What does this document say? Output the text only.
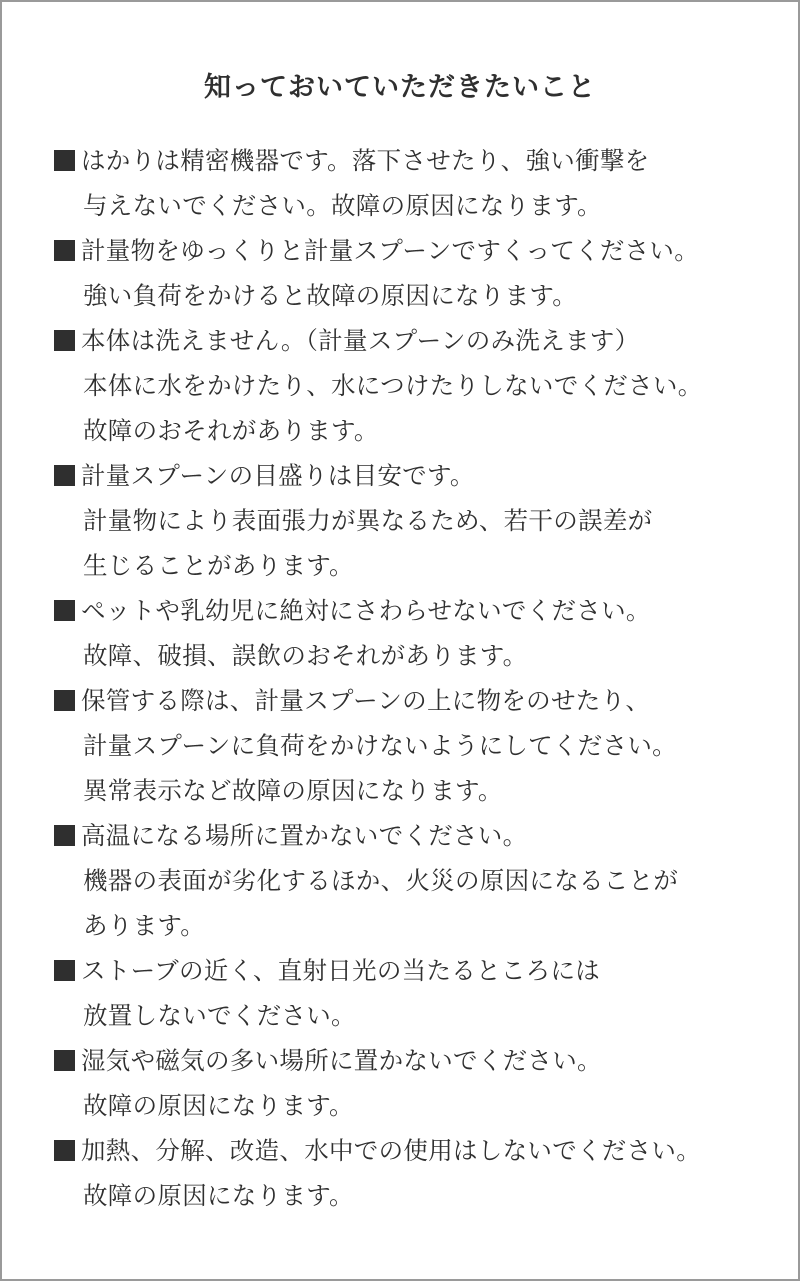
知っておいていただきたいこと
はかりは精密機器です。落下させたり、強い衝撃を
与えないでください。故障の原因になります。
計量物をゆっくりと計量スプーンですくってください。
強い負荷をかけると故障の原因になります。
本体は洗えません。（計量スプーンのみ洗えます）
本体に水をかけたり、水につけたりしないでください。
故障のおそれがあります。
計量スプーンの目盛りは目安です。
計量物により表面張力が異なるため、若干の誤差が
生じることがあります。
ペットや乳幼児に絶対にさわらせないでください。
故障、破損、誤飲のおそれがあります。
保管する際は、計量スプーンの上に物をのせたり、
計量スプーンに負荷をかけないようにしてください。
異常表示など故障の原因になります。
高温になる場所に置かないでください。
機器の表面が劣化するほか、火災の原因になることが
あります。
ストーブの近く、直射日光の当たるところには
放置しないでください。
湿気や磁気の多い場所に置かないでください。
故障の原因になります。
加熱、分解、改造、水中での使用はしないでください。
故障の原因になります。
